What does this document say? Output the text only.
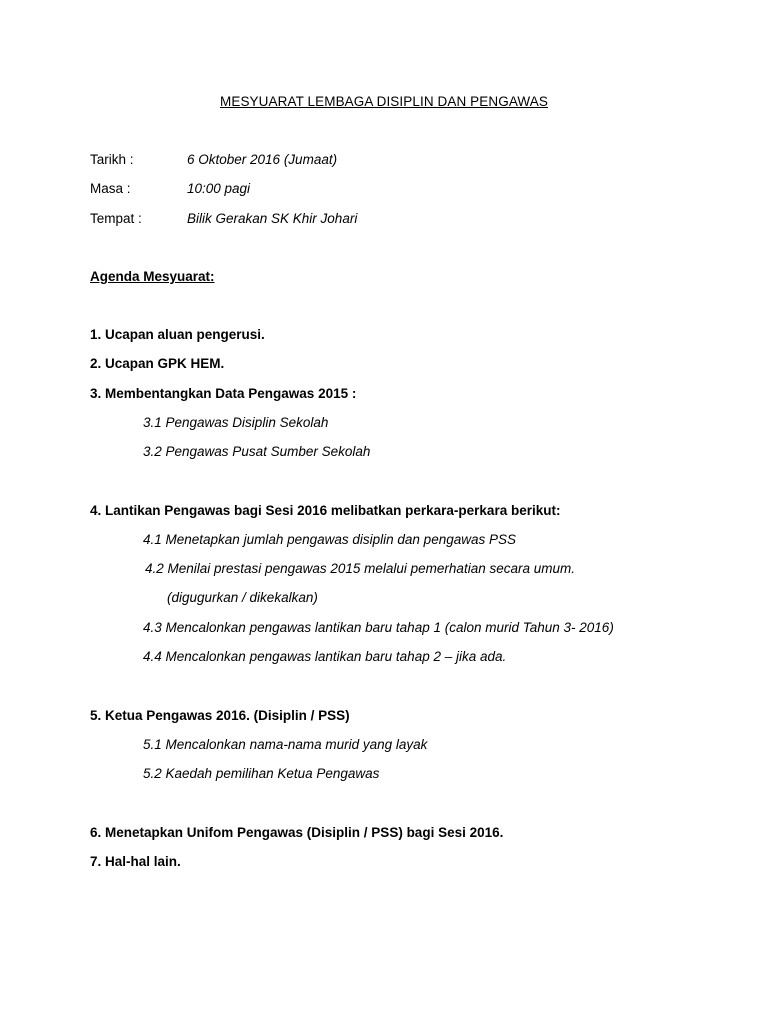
MESYUARAT LEMBAGA DISIPLIN DAN PENGAWAS
Tarikh :	6 Oktober 2016 (Jumaat)
Masa :	10:00 pagi
Tempat :	Bilik Gerakan SK Khir Johari
Agenda Mesyuarat:
1. Ucapan aluan pengerusi.
2. Ucapan GPK HEM.
3. Membentangkan Data Pengawas 2015 :
3.1 Pengawas Disiplin Sekolah
3.2 Pengawas Pusat Sumber Sekolah
4. Lantikan Pengawas bagi Sesi 2016 melibatkan perkara-perkara berikut:
4.1 Menetapkan jumlah pengawas disiplin dan pengawas PSS
4.2 Menilai prestasi pengawas 2015 melalui pemerhatian secara umum.
(digugurkan / dikekalkan)
4.3 Mencalonkan pengawas lantikan baru tahap 1 (calon murid Tahun 3- 2016)
4.4 Mencalonkan pengawas lantikan baru tahap 2 – jika ada.
5. Ketua Pengawas 2016. (Disiplin / PSS)
5.1 Mencalonkan nama-nama murid yang layak
5.2 Kaedah pemilihan Ketua Pengawas
6. Menetapkan Unifom Pengawas (Disiplin / PSS) bagi Sesi 2016.
7. Hal-hal lain.
